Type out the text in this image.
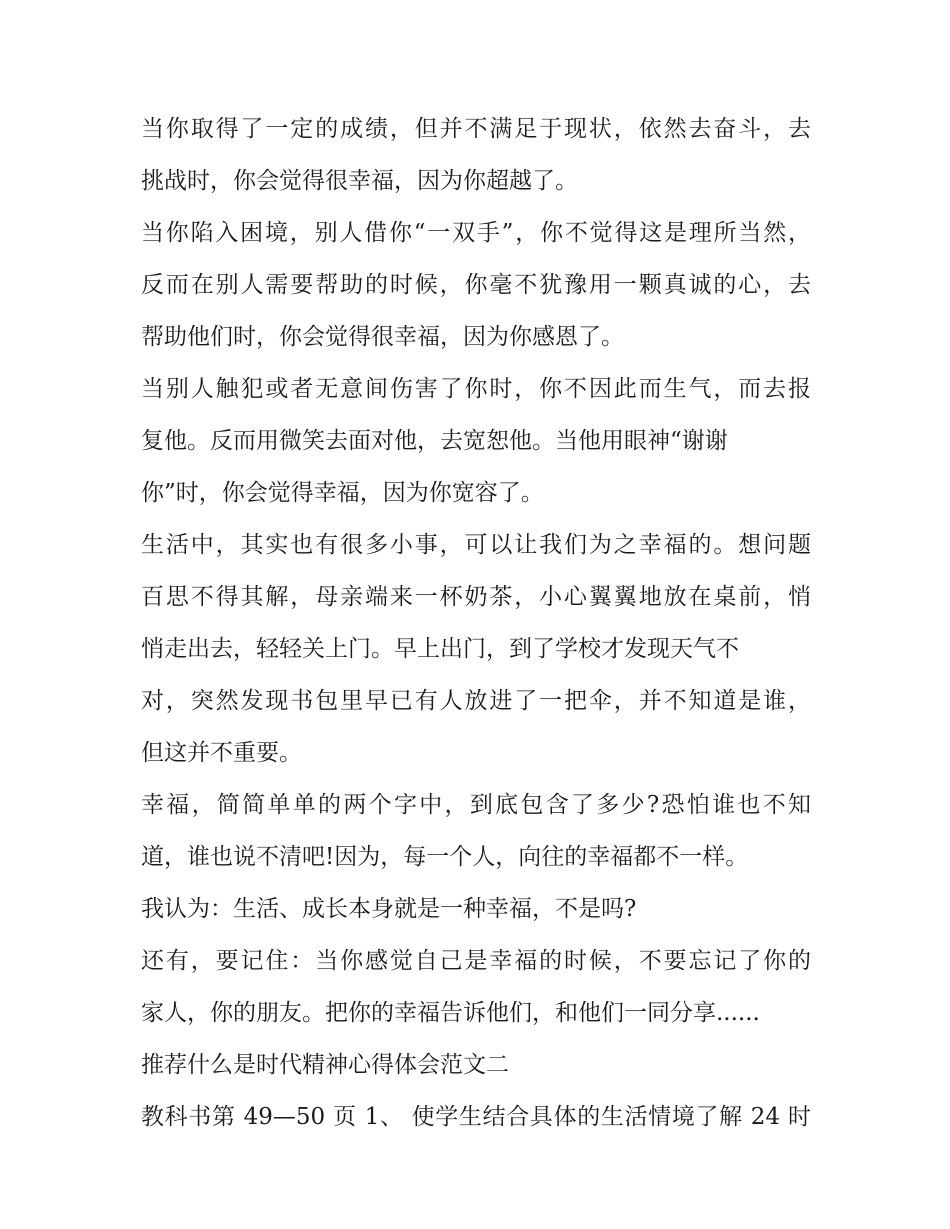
当你取得了一定的成绩，但并不满足于现状，依然去奋斗，去
挑战时，你会觉得很幸福，因为你超越了。
当你陷入困境，别人借你“一双手”，你不觉得这是理所当然，
反而在别人需要帮助的时候，你毫不犹豫用一颗真诚的心，去
帮助他们时，你会觉得很幸福，因为你感恩了。
当别人触犯或者无意间伤害了你时，你不因此而生气，而去报
复他。反而用微笑去面对他，去宽恕他。当他用眼神“谢谢
你”时，你会觉得幸福，因为你宽容了。
生活中，其实也有很多小事，可以让我们为之幸福的。想问题
百思不得其解，母亲端来一杯奶茶，小心翼翼地放在桌前，悄
悄走出去，轻轻关上门。早上出门，到了学校才发现天气不
对，突然发现书包里早已有人放进了一把伞，并不知道是谁，
但这并不重要。
幸福，简简单单的两个字中，到底包含了多少?恐怕谁也不知
道，谁也说不清吧!因为，每一个人，向往的幸福都不一样。
我认为：生活、成长本身就是一种幸福，不是吗?
还有，要记住：当你感觉自己是幸福的时候，不要忘记了你的
家人，你的朋友。把你的幸福告诉他们，和他们一同分享......
推荐什么是时代精神心得体会范文二
教科书第 49—50 页 1、 使学生结合具体的生活情境了解 24 时
